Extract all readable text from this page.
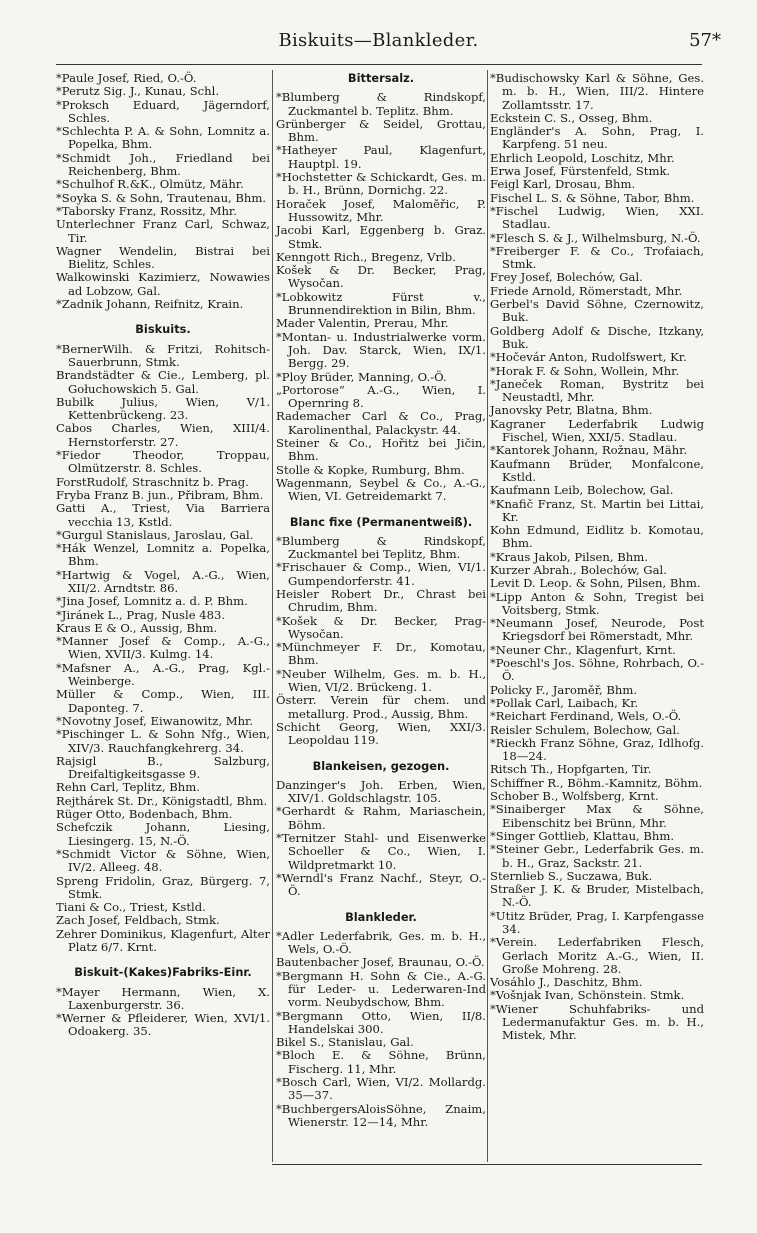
Biskuits—Blankleder.	57*
*Paule Josef, Ried, O.-Ö.
*Perutz Sig. J., Kunau, Schl.
*Proksch Eduard, Jägerndorf, Schles.
*Schlechta P. A. & Sohn, Lomnitz a. Popelka, Bhm.
*Schmidt Joh., Friedland bei Reichenberg, Bhm.
*Schulhof R.&K., Olmütz, Mähr.
*Soyka S. & Sohn, Trautenau, Bhm.
*Taborsky Franz, Rossitz, Mhr.
Unterlechner Franz Carl, Schwaz, Tir.
Wagner Wendelin, Bistrai bei Bielitz, Schles.
Walkowinski Kazimierz, Nowawies ad Lobzow, Gal.
*Zadnik Johann, Reifnitz, Krain.
Biskuits.
*BernerWilh. & Fritzi, Rohitsch-Sauerbrunn, Stmk.
Brandstädter & Cie., Lemberg, pl. Gołuchowskich 5. Gal.
Bubilk Julius, Wien, V/1. Kettenbrückeng. 23.
Cabos Charles, Wien, XIII/4. Hernstorferstr. 27.
*Fiedor Theodor, Troppau, Olmützerstr. 8. Schles.
ForstRudolf, Straschnitz b. Prag.
Fryba Franz B. jun., Přibram, Bhm.
Gatti A., Triest, Via Barriera vecchia 13, Kstld.
*Gurgul Stanislaus, Jaroslau, Gal.
*Hák Wenzel, Lomnitz a. Popelka, Bhm.
*Hartwig & Vogel, A.-G., Wien, XII/2. Arndtstr. 86.
*Jina Josef, Lomnitz a. d. P. Bhm.
*Jiránek L., Prag, Nusle 483.
Kraus E & O., Aussig, Bhm.
*Manner Josef & Comp., A.-G., Wien, XVII/3. Kulmg. 14.
*Mafsner A., A.-G., Prag, Kgl.-Weinberge.
Müller & Comp., Wien, III. Daponteg. 7.
*Novotny Josef, Eiwanowitz, Mhr.
*Pischinger L. & Sohn Nfg., Wien, XIV/3. Rauchfangkehrerg. 34.
Rajsigl B., Salzburg, Dreifaltigkeitsgasse 9.
Rehn Carl, Teplitz, Bhm.
Rejthárek St. Dr., Königstadtl, Bhm.
Rüger Otto, Bodenbach, Bhm.
Schefczik Johann, Liesing, Liesingerg. 15, N.-Ö.
*Schmidt Victor & Söhne, Wien, IV/2. Alleeg. 48.
Spreng Fridolin, Graz, Bürgerg. 7, Stmk.
Tiani & Co., Triest, Kstld.
Zach Josef, Feldbach, Stmk.
Zehrer Dominikus, Klagenfurt, Alter Platz 6/7. Krnt.
Biskuit-(Kakes)Fabriks-Einr.
*Mayer Hermann, Wien, X. Laxenburgerstr. 36.
*Werner & Pfleiderer, Wien, XVI/1. Odoakerg. 35.
Bittersalz.
*Blumberg & Rindskopf, Zuckmantel b. Teplitz. Bhm.
Grünberger & Seidel, Grottau, Bhm.
*Hatheyer Paul, Klagenfurt, Hauptpl. 19.
*Hochstetter & Schickardt, Ges. m. b. H., Brünn, Dornichg. 22.
Horaček Josef, Malomĕřic, P. Hussowitz, Mhr.
Jacobi Karl, Eggenberg b. Graz. Stmk.
Kenngott Rich., Bregenz, Vrlb.
Košek & Dr. Becker, Prag, Wysočan.
*Lobkowitz Fürst v., Brunnendirektion in Bilin, Bhm.
Mader Valentin, Prerau, Mhr.
*Montan- u. Industrialwerke vorm. Joh. Dav. Starck, Wien, IX/1. Bergg. 29.
*Ploy Brüder, Manning, O.-Ö.
„Portorose“ A.-G., Wien, I. Opernring 8.
Rademacher Carl & Co., Prag, Karolinenthal, Palackystr. 44.
Steiner & Co., Hořitz bei Jičin, Bhm.
Stolle & Kopke, Rumburg, Bhm.
Wagenmann, Seybel & Co., A.-G., Wien, VI. Getreidemarkt 7.
Blanc fixe (Permanentweiß).
*Blumberg & Rindskopf, Zuckmantel bei Teplitz, Bhm.
*Frischauer & Comp., Wien, VI/1. Gumpendorferstr. 41.
Heisler Robert Dr., Chrast bei Chrudim, Bhm.
*Košek & Dr. Becker, Prag-Wysočan.
*Münchmeyer F. Dr., Komotau, Bhm.
*Neuber Wilhelm, Ges. m. b. H., Wien, VI/2. Brückeng. 1.
Österr. Verein für chem. und metallurg. Prod., Aussig, Bhm.
Schicht Georg, Wien, XXI/3. Leopoldau 119.
Blankeisen, gezogen.
Danzinger's Joh. Erben, Wien, XIV/1. Goldschlagstr. 105.
*Gerhardt & Rahm, Mariaschein, Böhm.
*Ternitzer Stahl- und Eisenwerke Schoeller & Co., Wien, I. Wildpretmarkt 10.
*Werndl's Franz Nachf., Steyr, O.-Ö.
Blankleder.
*Adler Lederfabrik, Ges. m. b. H., Wels, O.-Ö.
Bautenbacher Josef, Braunau, O.-Ö.
*Bergmann H. Sohn & Cie., A.-G. für Leder- u. Lederwaren-Ind vorm. Neubydschow, Bhm.
*Bergmann Otto, Wien, II/8. Handelskai 300.
Bikel S., Stanislau, Gal.
*Bloch E. & Söhne, Brünn, Fischerg. 11, Mhr.
*Bosch Carl, Wien, VI/2. Mollardg. 35—37.
*BuchbergersAloisSöhne, Znaim, Wienerstr. 12—14, Mhr.
*Budischowsky Karl & Söhne, Ges. m. b. H., Wien, III/2. Hintere Zollamtsstr. 17.
Eckstein C. S., Osseg, Bhm.
Engländer's A. Sohn, Prag, I. Karpfeng. 51 neu.
Ehrlich Leopold, Loschitz, Mhr.
Erwa Josef, Fürstenfeld, Stmk.
Feigl Karl, Drosau, Bhm.
Fischel L. S. & Söhne, Tabor, Bhm.
*Fischel Ludwig, Wien, XXI. Stadlau.
*Flesch S. & J., Wilhelmsburg, N.-Ö.
*Freiberger F. & Co., Trofaiach, Stmk.
Frey Josef, Bolechów, Gal.
Friede Arnold, Römerstadt, Mhr.
Gerbel's David Söhne, Czernowitz, Buk.
Goldberg Adolf & Dische, Itzkany, Buk.
*Hočevár Anton, Rudolfswert, Kr.
*Horak F. & Sohn, Wollein, Mhr.
*Janeček Roman, Bystritz bei Neustadtl, Mhr.
Janovsky Petr, Blatna, Bhm.
Kagraner Lederfabrik Ludwig Fischel, Wien, XXI/5. Stadlau.
*Kantorek Johann, Rožnau, Mähr.
Kaufmann Brüder, Monfalcone, Kstld.
Kaufmann Leib, Bolechow, Gal.
*Knafič Franz, St. Martin bei Littai, Kr.
Kohn Edmund, Eidlitz b. Komotau, Bhm.
*Kraus Jakob, Pilsen, Bhm.
Kurzer Abrah., Bolechów, Gal.
Levit D. Leop. & Sohn, Pilsen, Bhm.
*Lipp Anton & Sohn, Tregist bei Voitsberg, Stmk.
*Neumann Josef, Neurode, Post Kriegsdorf bei Römerstadt, Mhr.
*Neuner Chr., Klagenfurt, Krnt.
*Poeschl's Jos. Söhne, Rohrbach, O.-Ö.
Policky F., Jaroměř, Bhm.
*Pollak Carl, Laibach, Kr.
*Reichart Ferdinand, Wels, O.-Ö.
Reisler Schulem, Bolechow, Gal.
*Rieckh Franz Söhne, Graz, Idlhofg. 18—24.
Ritsch Th., Hopfgarten, Tir.
Schiffner R., Böhm.-Kamnitz, Böhm.
Schober B., Wolfsberg, Krnt.
*Sinaiberger Max & Söhne, Eibenschitz bei Brünn, Mhr.
*Singer Gottlieb, Klattau, Bhm.
*Steiner Gebr., Lederfabrik Ges. m. b. H., Graz, Sackstr. 21.
Sternlieb S., Suczawa, Buk.
Straßer J. K. & Bruder, Mistelbach, N.-Ö.
*Utitz Brüder, Prag, I. Karpfengasse 34.
*Verein. Lederfabriken Flesch, Gerlach Moritz A.-G., Wien, II. Große Mohreng. 28.
Vosáhlo J., Daschitz, Bhm.
*Vošnjak Ivan, Schönstein. Stmk.
*Wiener Schuhfabriks- und Ledermanufaktur Ges. m. b. H., Mistek, Mhr.
